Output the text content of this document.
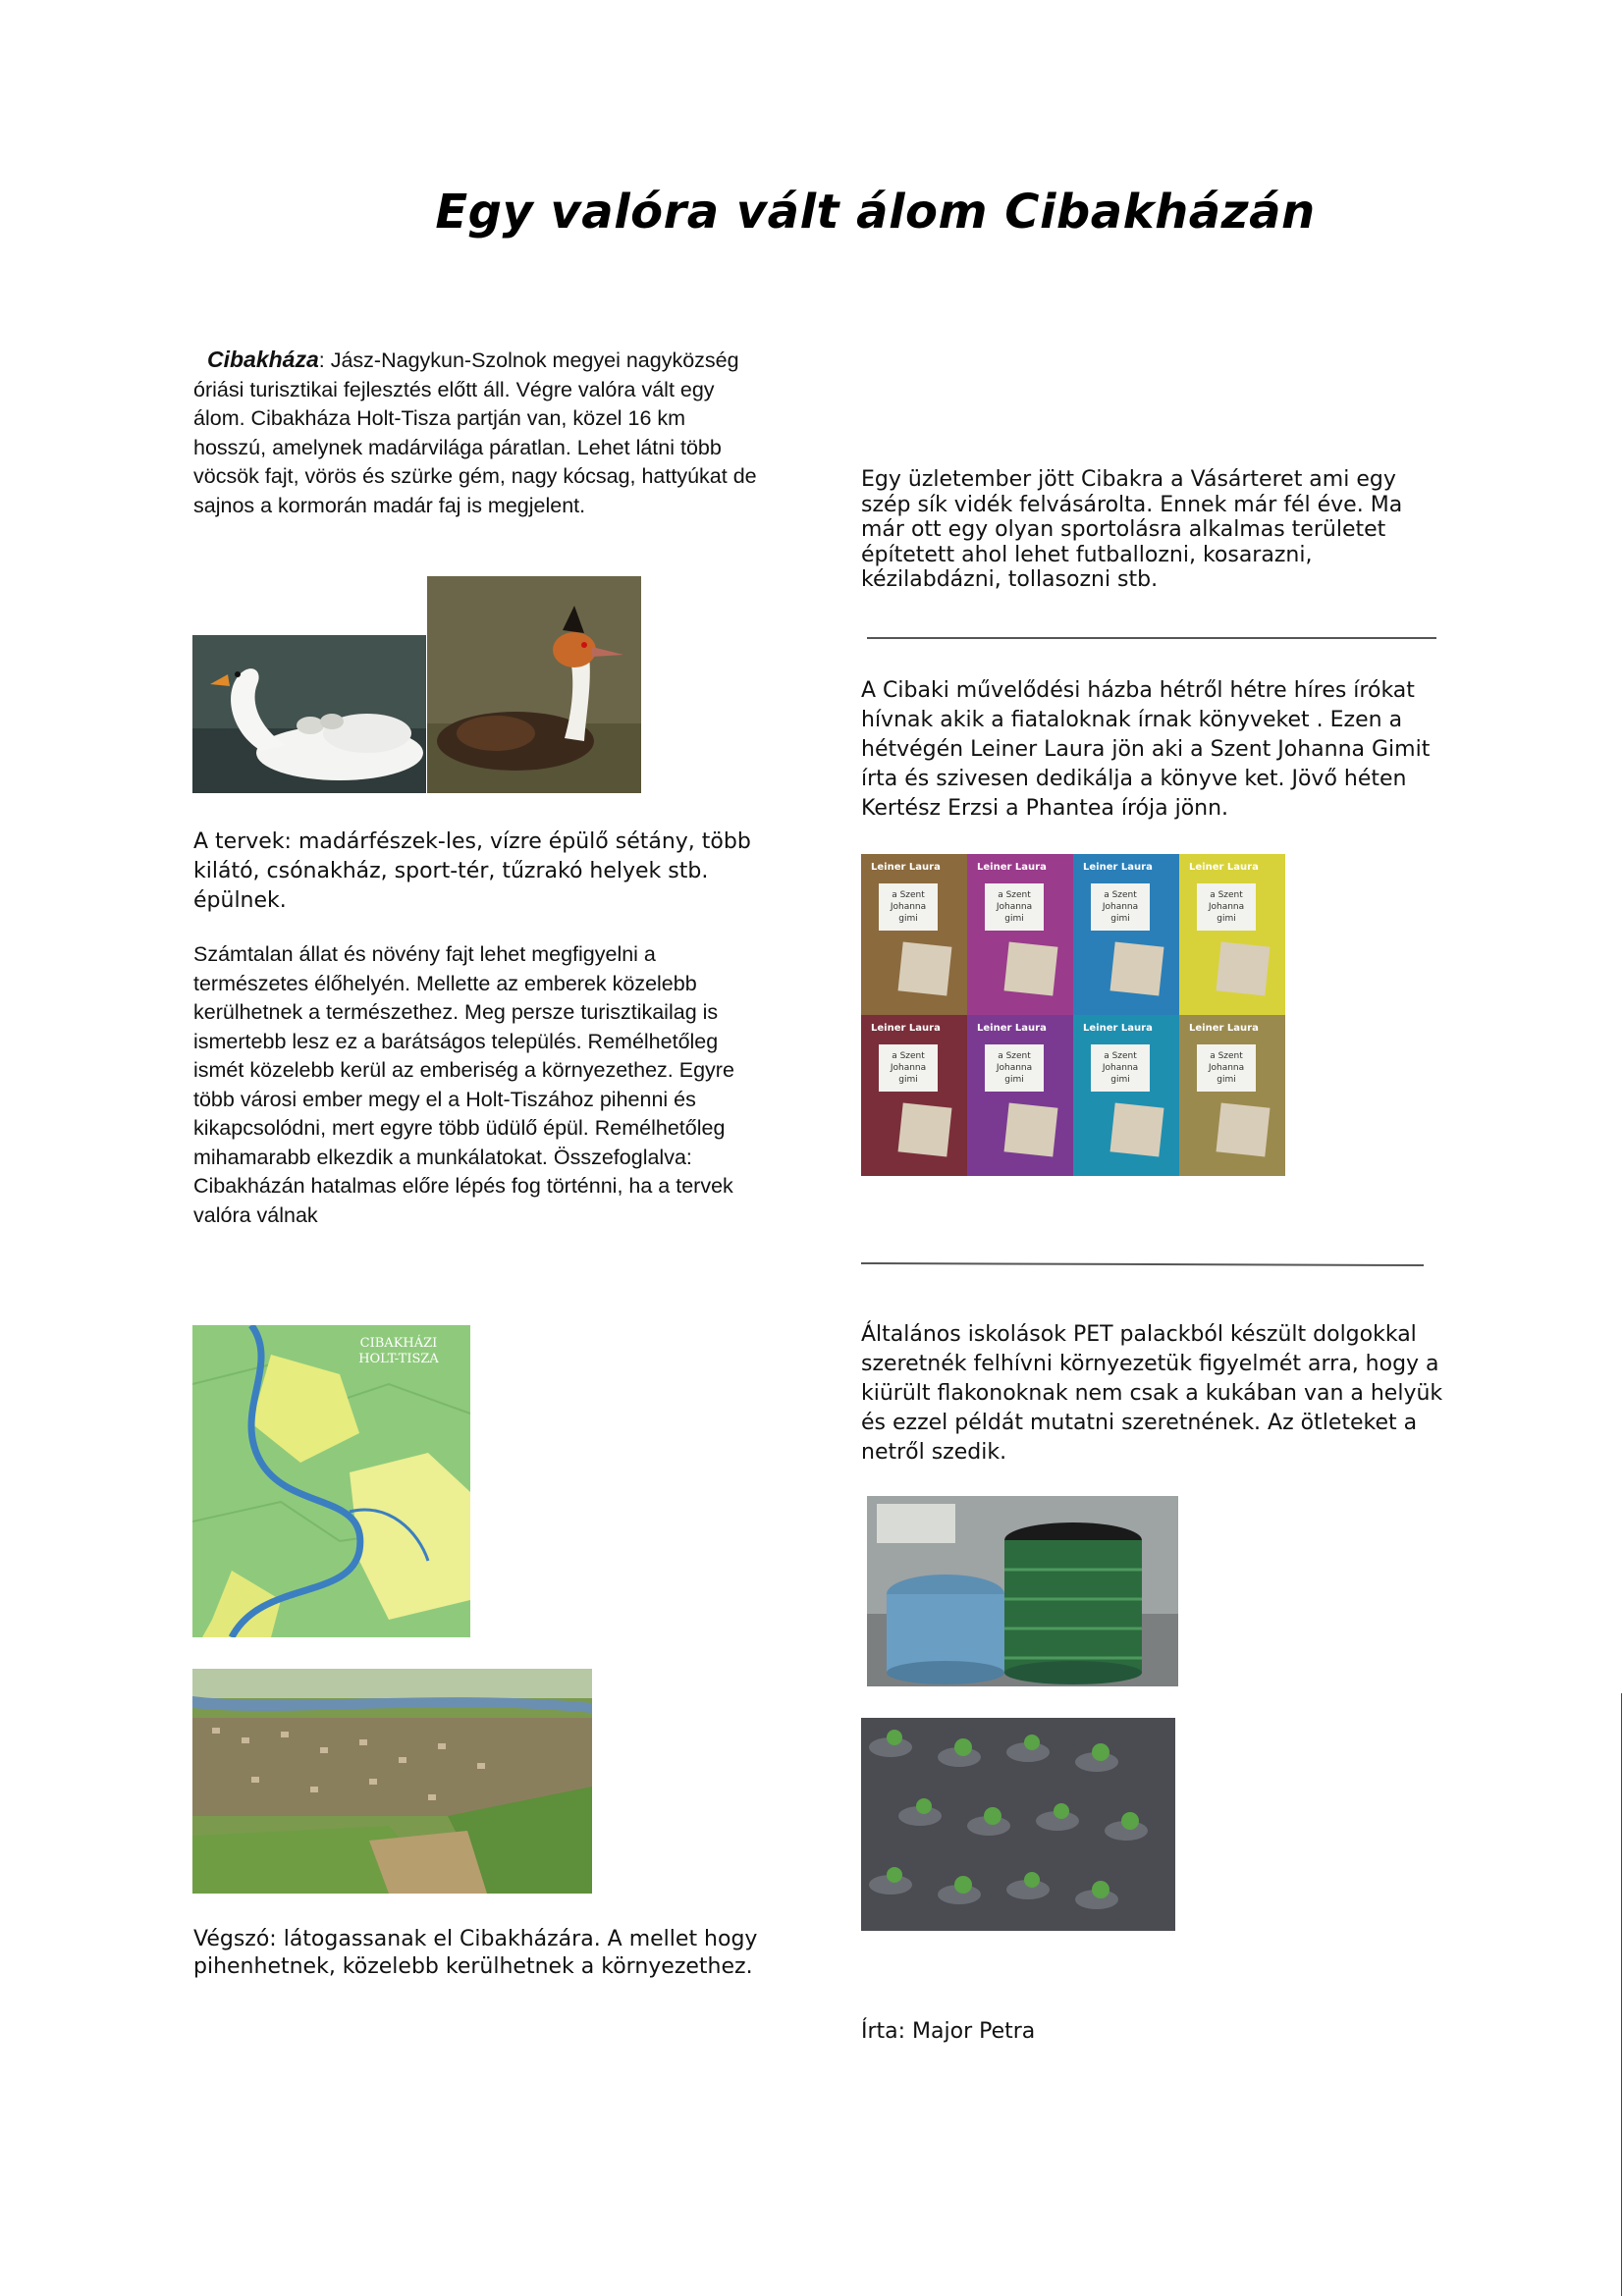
Egy valóra vált álom Cibakházán
Cibakháza: Jász-Nagykun-Szolnok megyei nagyközség óriási turisztikai fejlesztés előtt áll. Végre valóra vált egy álom. Cibakháza Holt-Tisza partján van, közel 16 km hosszú, amelynek madárvilága páratlan. Lehet látni több vöcsök fajt, vörös és szürke gém, nagy kócsag, hattyúkat de sajnos a kormorán madár faj is megjelent.
A tervek: madárfészek-les, vízre épülő sétány, több kilátó, csónakház, sport-tér, tűzrakó helyek stb. épülnek.
Számtalan állat és növény fajt lehet megfigyelni a természetes élőhelyén. Mellette az emberek közelebb kerülhetnek a természethez. Meg persze turisztikailag is ismertebb lesz ez a barátságos település. Remélhetőleg ismét közelebb kerül az emberiség a környezethez. Egyre több városi ember megy el a Holt-Tiszához pihenni és kikapcsolódni, mert egyre több üdülő épül. Remélhetőleg mihamarabb elkezdik a munkálatokat. Összefoglalva: Cibakházán hatalmas előre lépés fog történni, ha a tervek valóra válnak
CIBAKHÁZI
HOLT-TISZA
Végszó: látogassanak el Cibakházára. A mellet hogy pihenhetnek, közelebb kerülhetnek a környezethez.
Egy üzletember jött Cibakra a Vásárteret ami egy szép sík vidék felvásárolta. Ennek már fél éve. Ma már ott egy olyan sportolásra alkalmas területet építetett ahol lehet futballozni, kosarazni, kézilabdázni, tollasozni stb.
A Cibaki művelődési házba hétről hétre híres írókat hívnak akik a fiataloknak írnak könyveket . Ezen a hétvégén Leiner Laura jön aki a Szent Johanna Gimit írta és szivesen dedikálja a könyve ket. Jövő héten Kertész Erzsi a Phantea írója jönn.
Leiner Laura
a Szent
Johanna
gimi
Leiner Laura
a Szent
Johanna
gimi
Leiner Laura
a Szent
Johanna
gimi
Leiner Laura
a Szent
Johanna
gimi
Leiner Laura
a Szent
Johanna
gimi
Leiner Laura
a Szent
Johanna
gimi
Leiner Laura
a Szent
Johanna
gimi
Leiner Laura
a Szent
Johanna
gimi
Általános iskolások PET palackból készült dolgokkal szeretnék felhívni környezetük figyelmét arra, hogy a kiürült flakonoknak nem csak a kukában van a helyük és ezzel példát mutatni szeretnének. Az ötleteket a netről szedik.
Írta: Major Petra
